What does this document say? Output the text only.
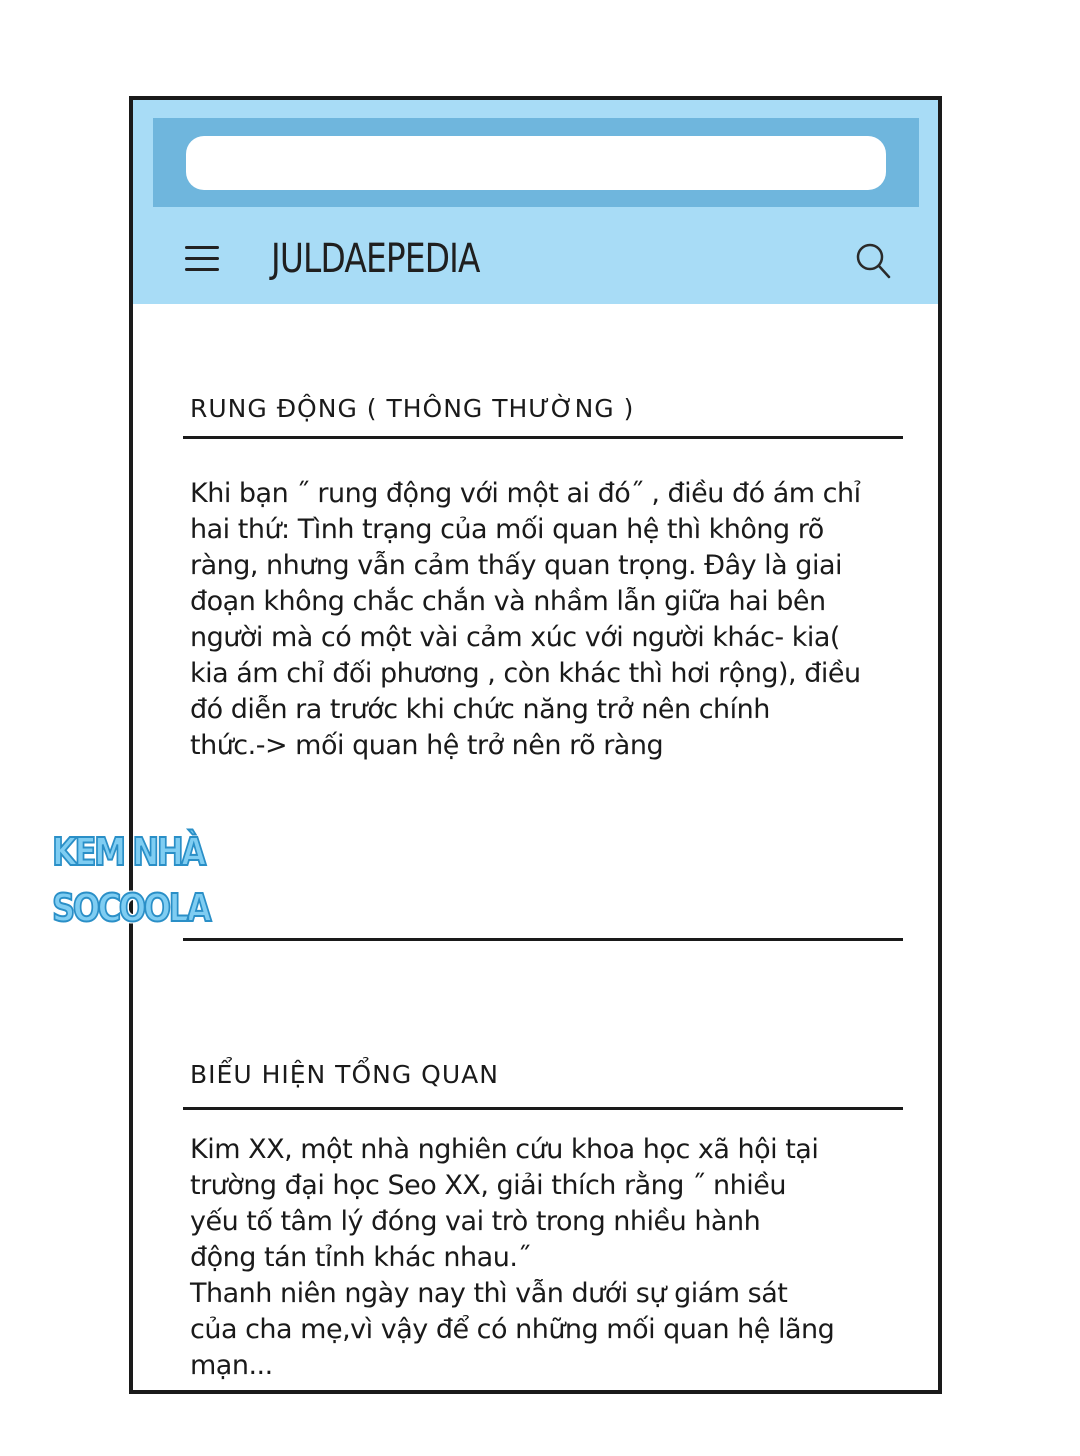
JULDAEPEDIA
RUNG ĐỘNG ( THÔNG THƯỜNG )
Khi bạn ˝ rung động với một ai đó˝ , điều đó ám chỉ
hai thứ: Tình trạng của mối quan hệ thì không rõ
ràng, nhưng vẫn cảm thấy quan trọng. Đây là giai
đoạn không chắc chắn và nhầm lẫn giữa hai bên
người mà có một vài cảm xúc với người khác- kia(
kia ám chỉ đối phương , còn khác thì hơi rộng), điều
đó diễn ra trước khi chức năng trở nên chính
thức.-> mối quan hệ trở nên rõ ràng
BIỂU HIỆN TỔNG QUAN
Kim XX, một nhà nghiên cứu khoa học xã hội tại
trường đại học Seo XX, giải thích rằng ˝ nhiều
yếu tố tâm lý đóng vai trò trong nhiều hành
động tán tỉnh khác nhau.˝
Thanh niên ngày nay thì vẫn dưới sự giám sát
của cha mẹ,vì vậy để có những mối quan hệ lãng
mạn...
KEM NHÀ
SOCOOLA
